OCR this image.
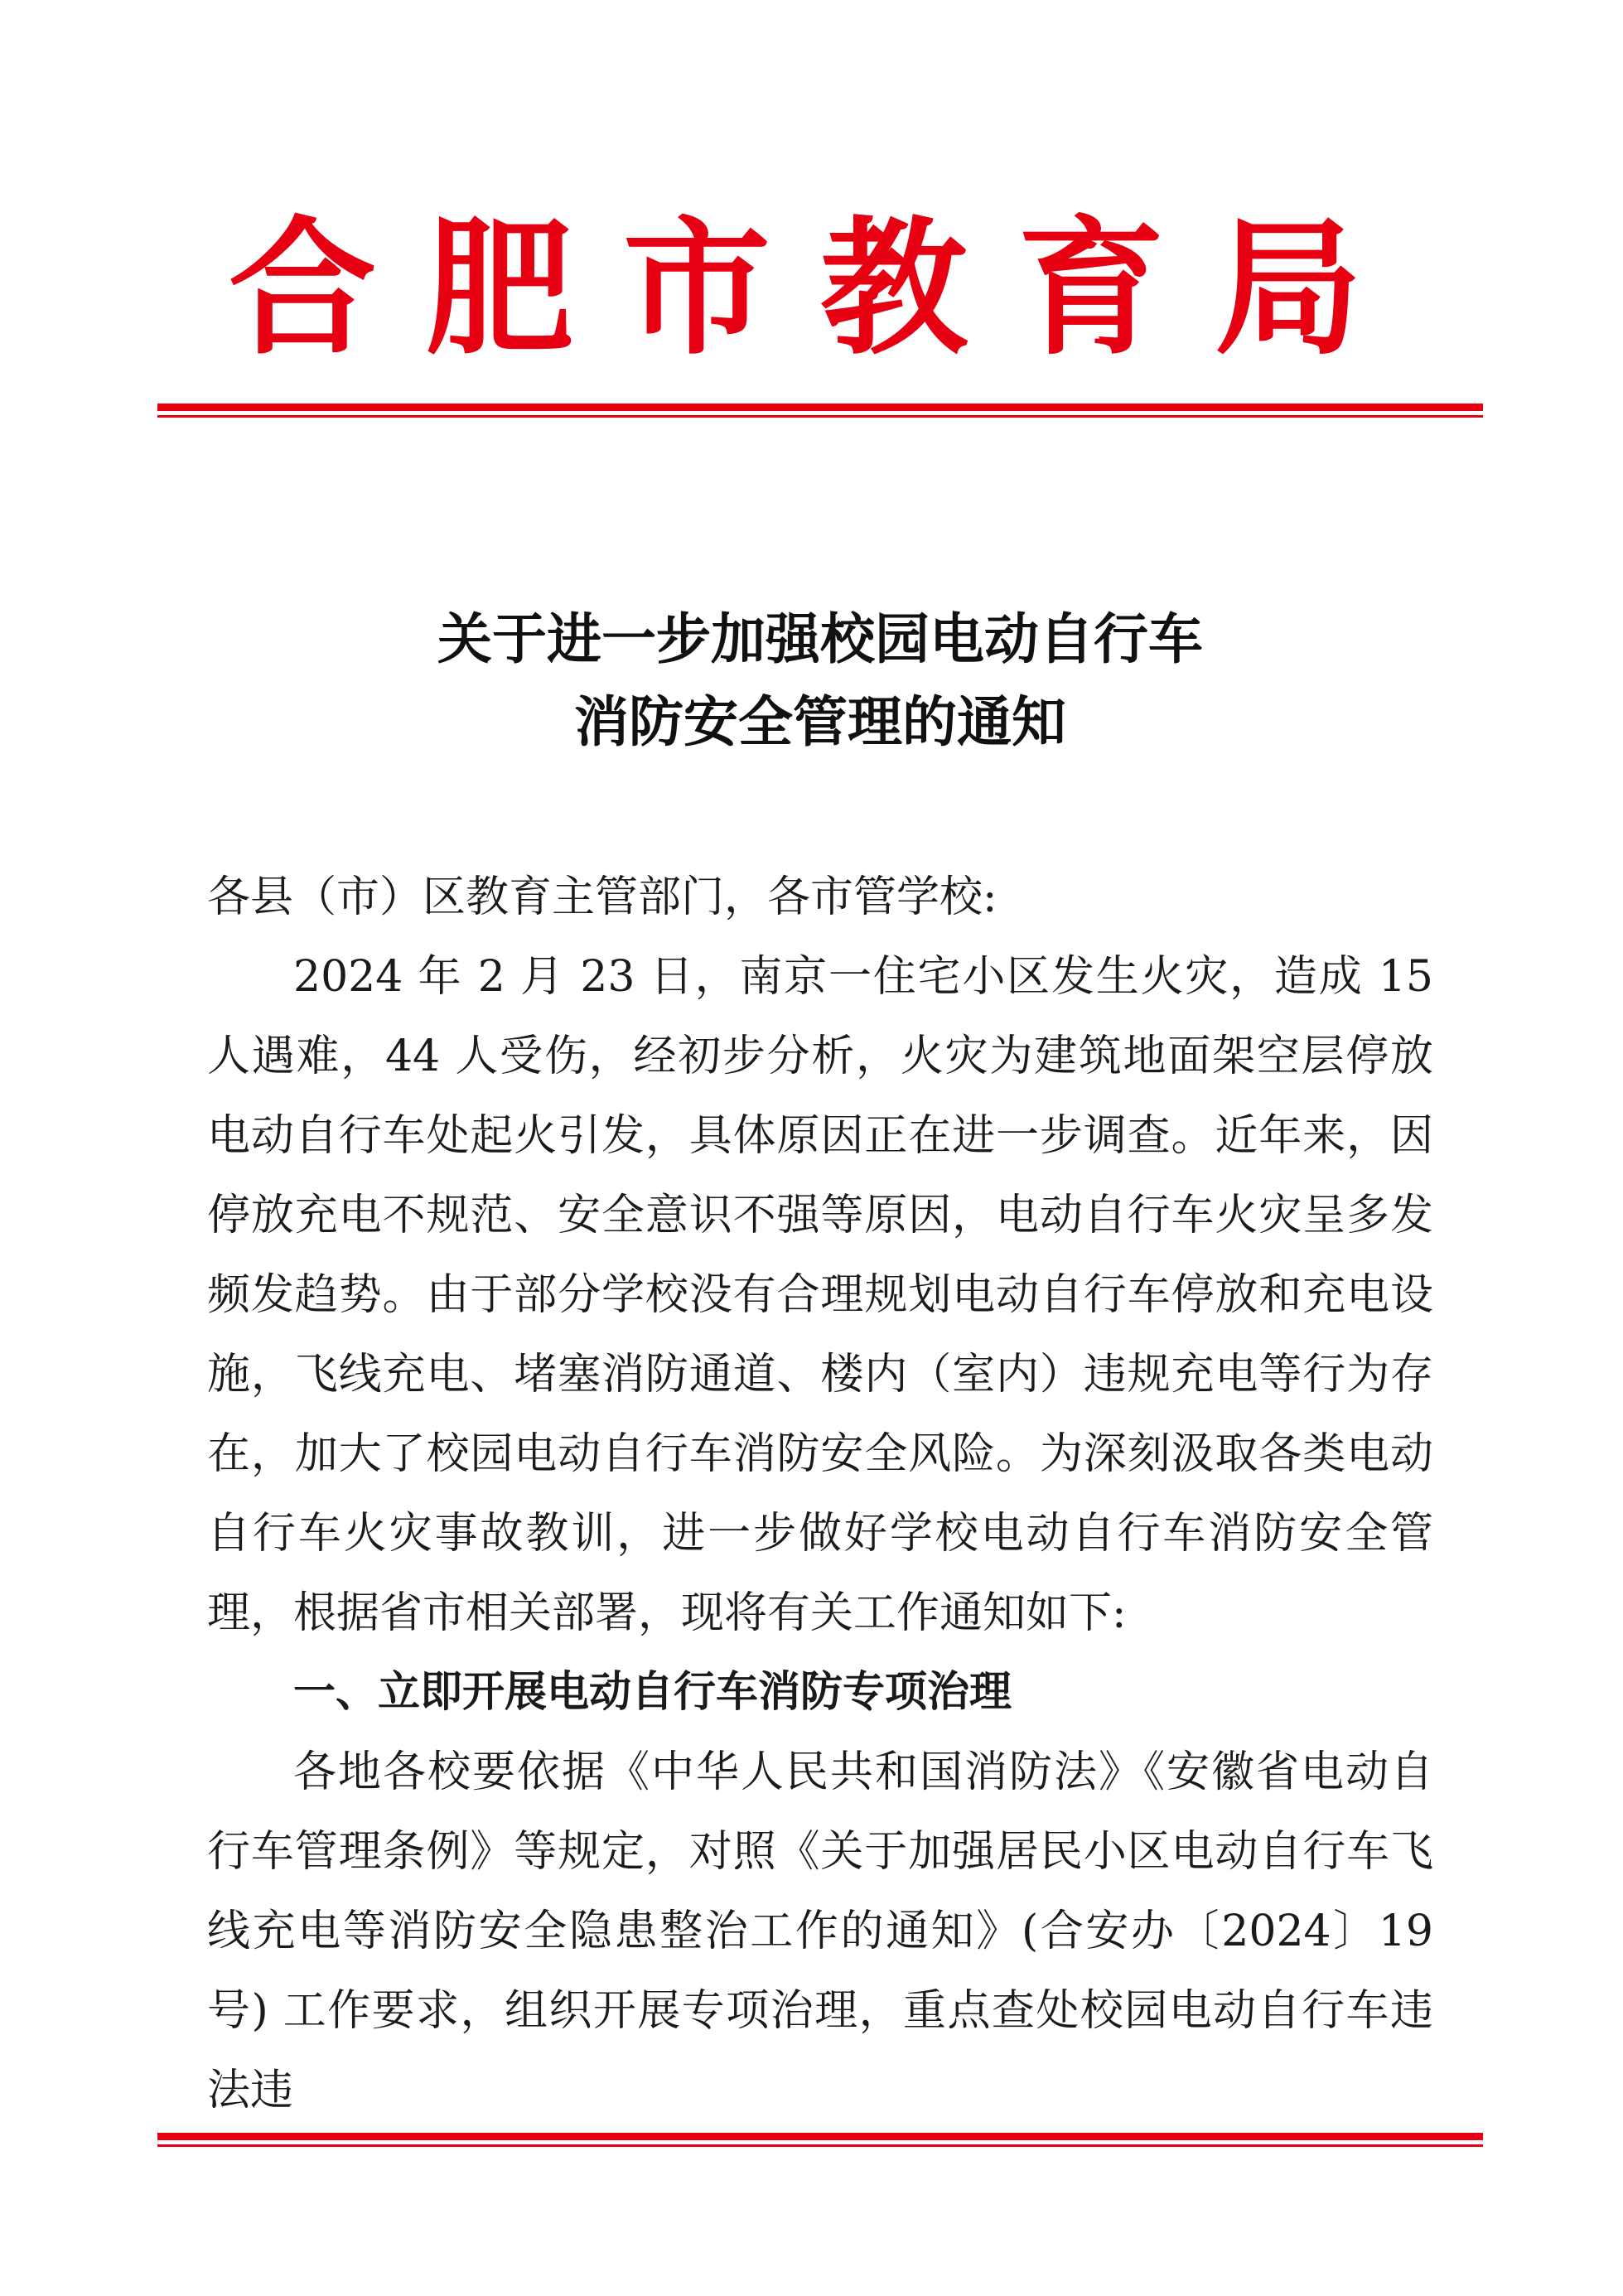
合肥市教育局
关于进一步加强校园电动自行车
消防安全管理的通知

各县（市）区教育主管部门，各市管学校:

2024 年 2 月 23 日，南京一住宅小区发生火灾，造成 15 人遇难，44 人受伤，经初步分析，火灾为建筑地面架空层停放电动自行车处起火引发，具体原因正在进一步调查。近年来，因停放充电不规范、安全意识不强等原因，电动自行车火灾呈多发频发趋势。由于部分学校没有合理规划电动自行车停放和充电设施，飞线充电、堵塞消防通道、楼内（室内）违规充电等行为存在，加大了校园电动自行车消防安全风险。为深刻汲取各类电动自行车火灾事故教训，进一步做好学校电动自行车消防安全管理，根据省市相关部署，现将有关工作通知如下:

一、立即开展电动自行车消防专项治理

各地各校要依据《中华人民共和国消防法》《安徽省电动自行车管理条例》等规定，对照《关于加强居民小区电动自行车飞线充电等消防安全隐患整治工作的通知》(合安办〔2024〕19 号) 工作要求，组织开展专项治理，重点查处校园电动自行车违法违
